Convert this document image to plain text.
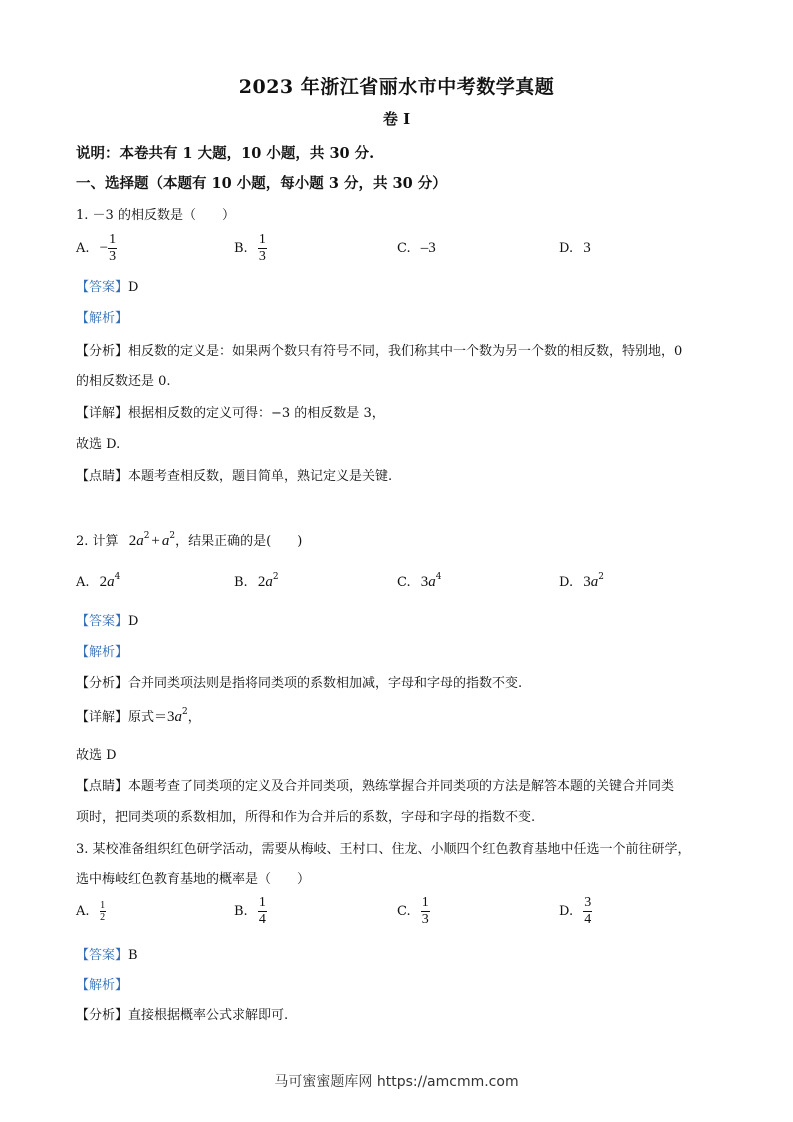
2023 年浙江省丽水市中考数学真题
卷 I
说明：本卷共有 1 大题，10 小题，共 30 分.
一、选择题（本题有 10 小题，每小题 3 分，共 30 分）
1. －3 的相反数是（　　）
A. − $\frac{1}{3}$	B. $\frac{1}{3}$	C. –3	D. 3
【答案】D
【解析】
【分析】相反数的定义是：如果两个数只有符号不同，我们称其中一个数为另一个数的相反数，特别地，0
的相反数还是 0.
【详解】根据相反数的定义可得：−3 的相反数是 3，
故选 D.
【点睛】本题考查相反数，题目简单，熟记定义是关键.
2. 计算 $2a^2 + a^2$，结果正确的是(　　)
A. $2a^4$	B. $2a^2$	C. $3a^4$	D. $3a^2$
【答案】D
【解析】
【分析】合并同类项法则是指将同类项的系数相加减，字母和字母的指数不变.
【详解】原式$=3a^2$，
故选 D
【点睛】本题考查了同类项的定义及合并同类项，熟练掌握合并同类项的方法是解答本题的关键合并同类
项时，把同类项的系数相加，所得和作为合并后的系数，字母和字母的指数不变.
3. 某校准备组织红色研学活动，需要从梅岐、王村口、住龙、小顺四个红色教育基地中任选一个前往研学，
选中梅岐红色教育基地的概率是（　　）
A. $\frac{1}{2}$	B. $\frac{1}{4}$	C. $\frac{1}{3}$	D. $\frac{3}{4}$
【答案】B
【解析】
【分析】直接根据概率公式求解即可.
马可蜜蜜题库网 https://amcmm.com
